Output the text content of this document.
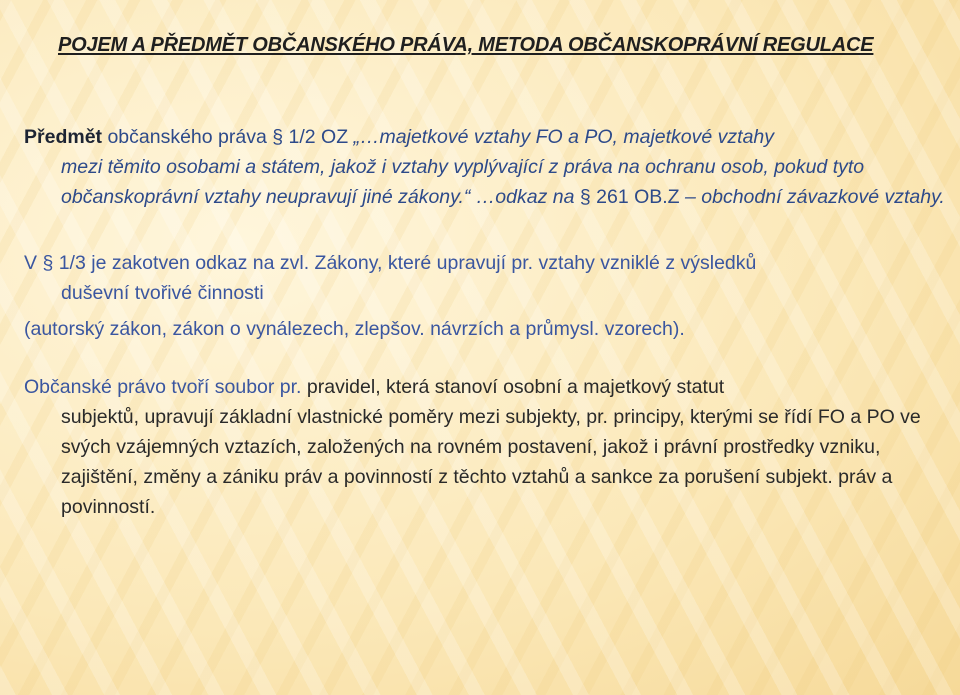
POJEM A PŘEDMĚT OBČANSKÉHO PRÁVA, METODA OBČANSKOPRÁVNÍ REGULACE

Předmět občanského práva § 1/2 OZ „…majetkové vztahy FO a PO, majetkové vztahy
mezi těmito osobami a státem, jakož i vztahy vyplývající z práva na ochranu osob, pokud tyto občanskoprávní vztahy neupravují jiné zákony.“ …odkaz na § 261 OB.Z – obchodní závazkové vztahy.

V § 1/3 je zakotven odkaz na zvl. Zákony, které upravují pr. vztahy vzniklé z výsledků
duševní tvořivé činnosti
(autorský zákon, zákon o vynálezech, zlepšov. návrzích a průmysl. vzorech).

Občanské právo tvoří soubor pr. pravidel, která stanoví osobní a majetkový statut
subjektů, upravují základní vlastnické poměry mezi subjekty, pr. principy, kterými se řídí FO a PO ve svých vzájemných vztazích, založených na rovném postavení, jakož i právní prostředky vzniku, zajištění, změny a zániku práv a povinností z těchto vztahů a sankce za porušení subjekt. práv a povinností.
